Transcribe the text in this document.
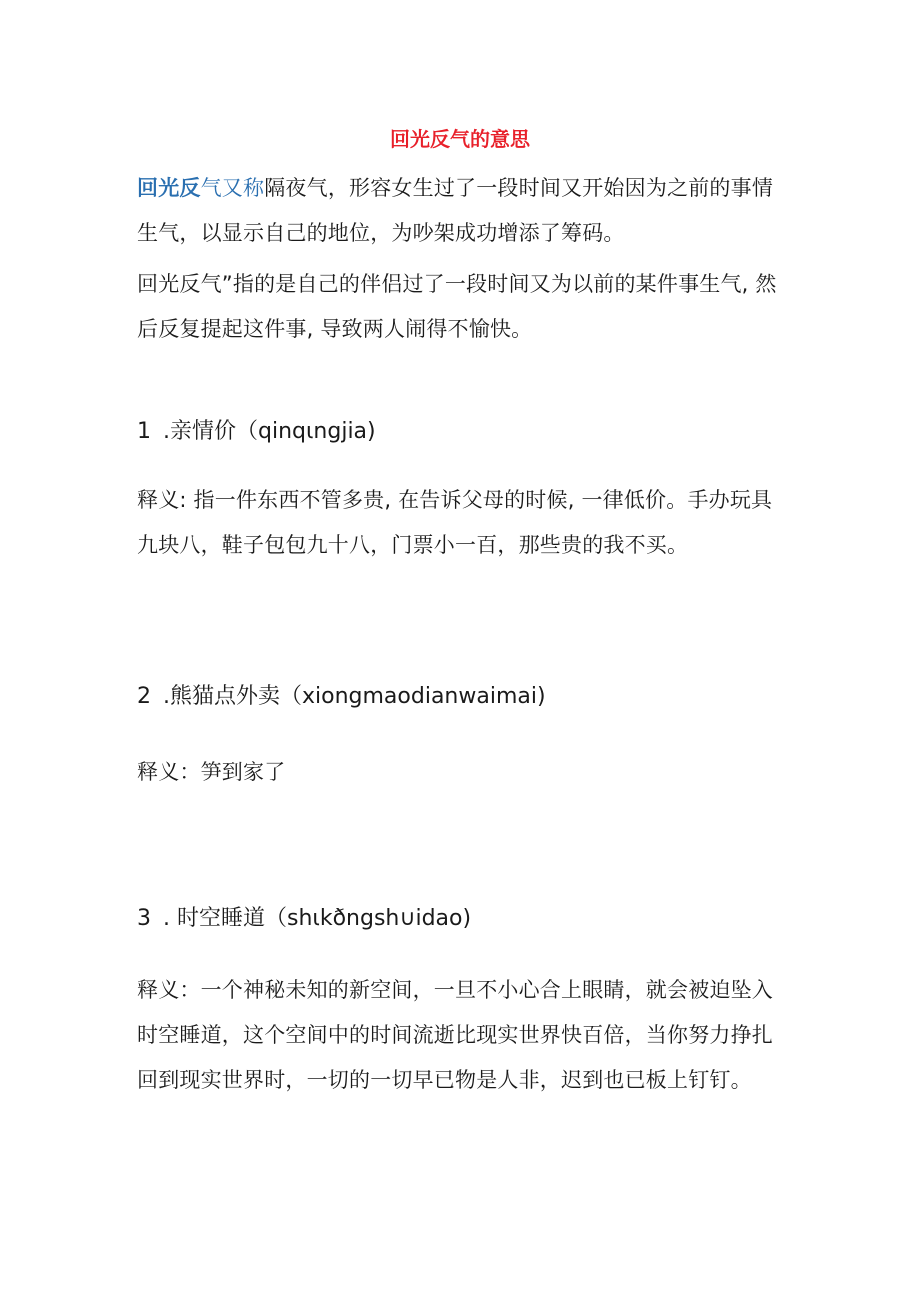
回光反气的意思

回光反气又称隔夜气，形容女生过了一段时间又开始因为之前的事情生气，以显示自己的地位，为吵架成功增添了筹码。

回光反气”指的是自己的伴侣过了一段时间又为以前的某件事生气, 然后反复提起这件事, 导致两人闹得不愉快。

1 .亲情价（qinqιngjia)

释义: 指一件东西不管多贵, 在告诉父母的时候, 一律低价。手办玩具九块八，鞋子包包九十八，门票小一百，那些贵的我不买。

2 .熊猫点外卖（xiongmaodianwaimai)

释义：笋到家了

3 . 时空睡道（shιkðngsh∪idao)

释义：一个神秘未知的新空间，一旦不小心合上眼睛，就会被迫坠入时空睡道，这个空间中的时间流逝比现实世界快百倍，当你努力挣扎回到现实世界时，一切的一切早已物是人非，迟到也已板上钉钉。
